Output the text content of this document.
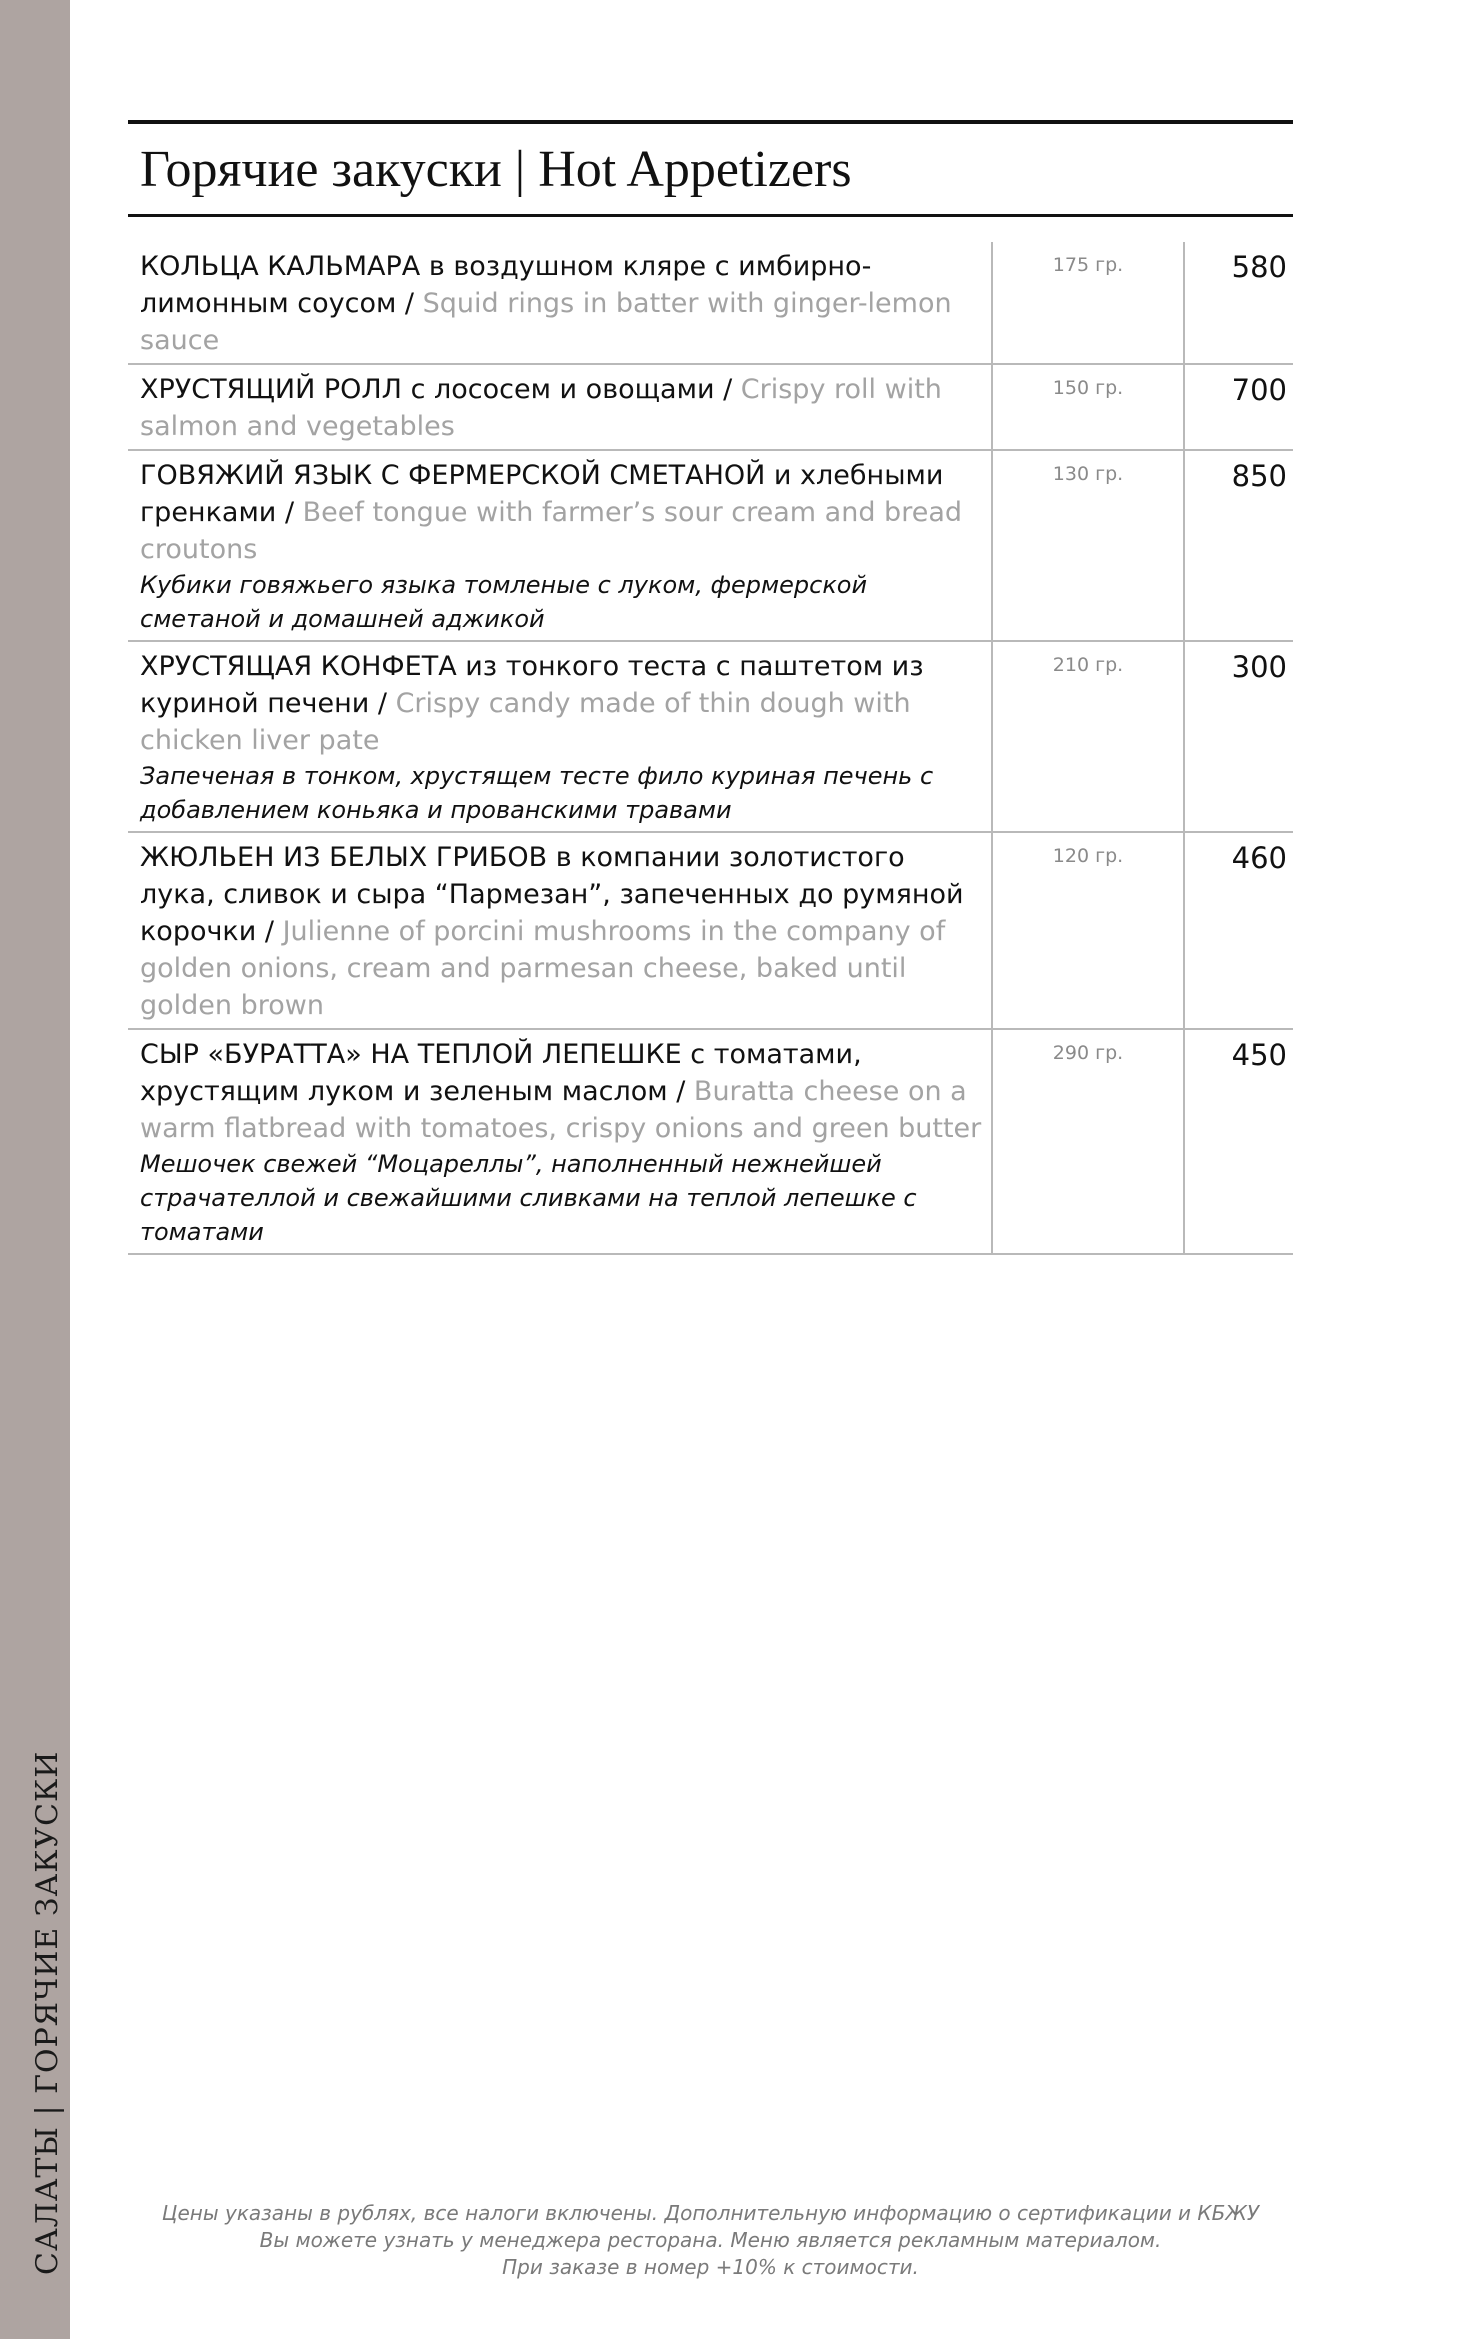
САЛАТЫ | ГОРЯЧИЕ ЗАКУСКИ
Горячие закуски | Hot Appetizers
КОЛЬЦА КАЛЬМАРА в воздушном кляре с имбирно-лимонным соусом / Squid rings in batter with ginger-lemon sauce	175 гр.	580

ХРУСТЯЩИЙ РОЛЛ с лососем и овощами / Crispy roll with salmon and vegetables	150 гр.	700

ГОВЯЖИЙ ЯЗЫК С ФЕРМЕРСКОЙ СМЕТАНОЙ и хлебными гренками / Beef tongue with farmer’s sour cream and bread croutons
Кубики говяжьего языка томленые с луком, фермерской сметаной и домашней аджикой	130 гр.	850

ХРУСТЯЩАЯ КОНФЕТА из тонкого теста с паштетом из куриной печени / Crispy candy made of thin dough with chicken liver pate
Запеченая в тонком, хрустящем тесте фило куриная печень с добавлением коньяка и прованскими травами	210 гр.	300

ЖЮЛЬЕН ИЗ БЕЛЫХ ГРИБОВ в компании золотистого лука, сливок и сыра “Пармезан”, запеченных до румяной корочки / Julienne of porcini mushrooms in the company of golden onions, cream and parmesan cheese, baked until golden brown	120 гр.	460

СЫР «БУРАТТА» НА ТЕПЛОЙ ЛЕПЕШКЕ с томатами, хрустящим луком и зеленым маслом / Buratta cheese on a warm flatbread with tomatoes, crispy onions and green butter
Мешочек свежей “Моцареллы”, наполненный нежнейшей страчателлой и свежайшими сливками на теплой лепешке с томатами	290 гр.	450
Цены указаны в рублях, все налоги включены. Дополнительную информацию о сертификации и КБЖУ
Вы можете узнать у менеджера ресторана. Меню является рекламным материалом.
При заказе в номер +10% к стоимости.
